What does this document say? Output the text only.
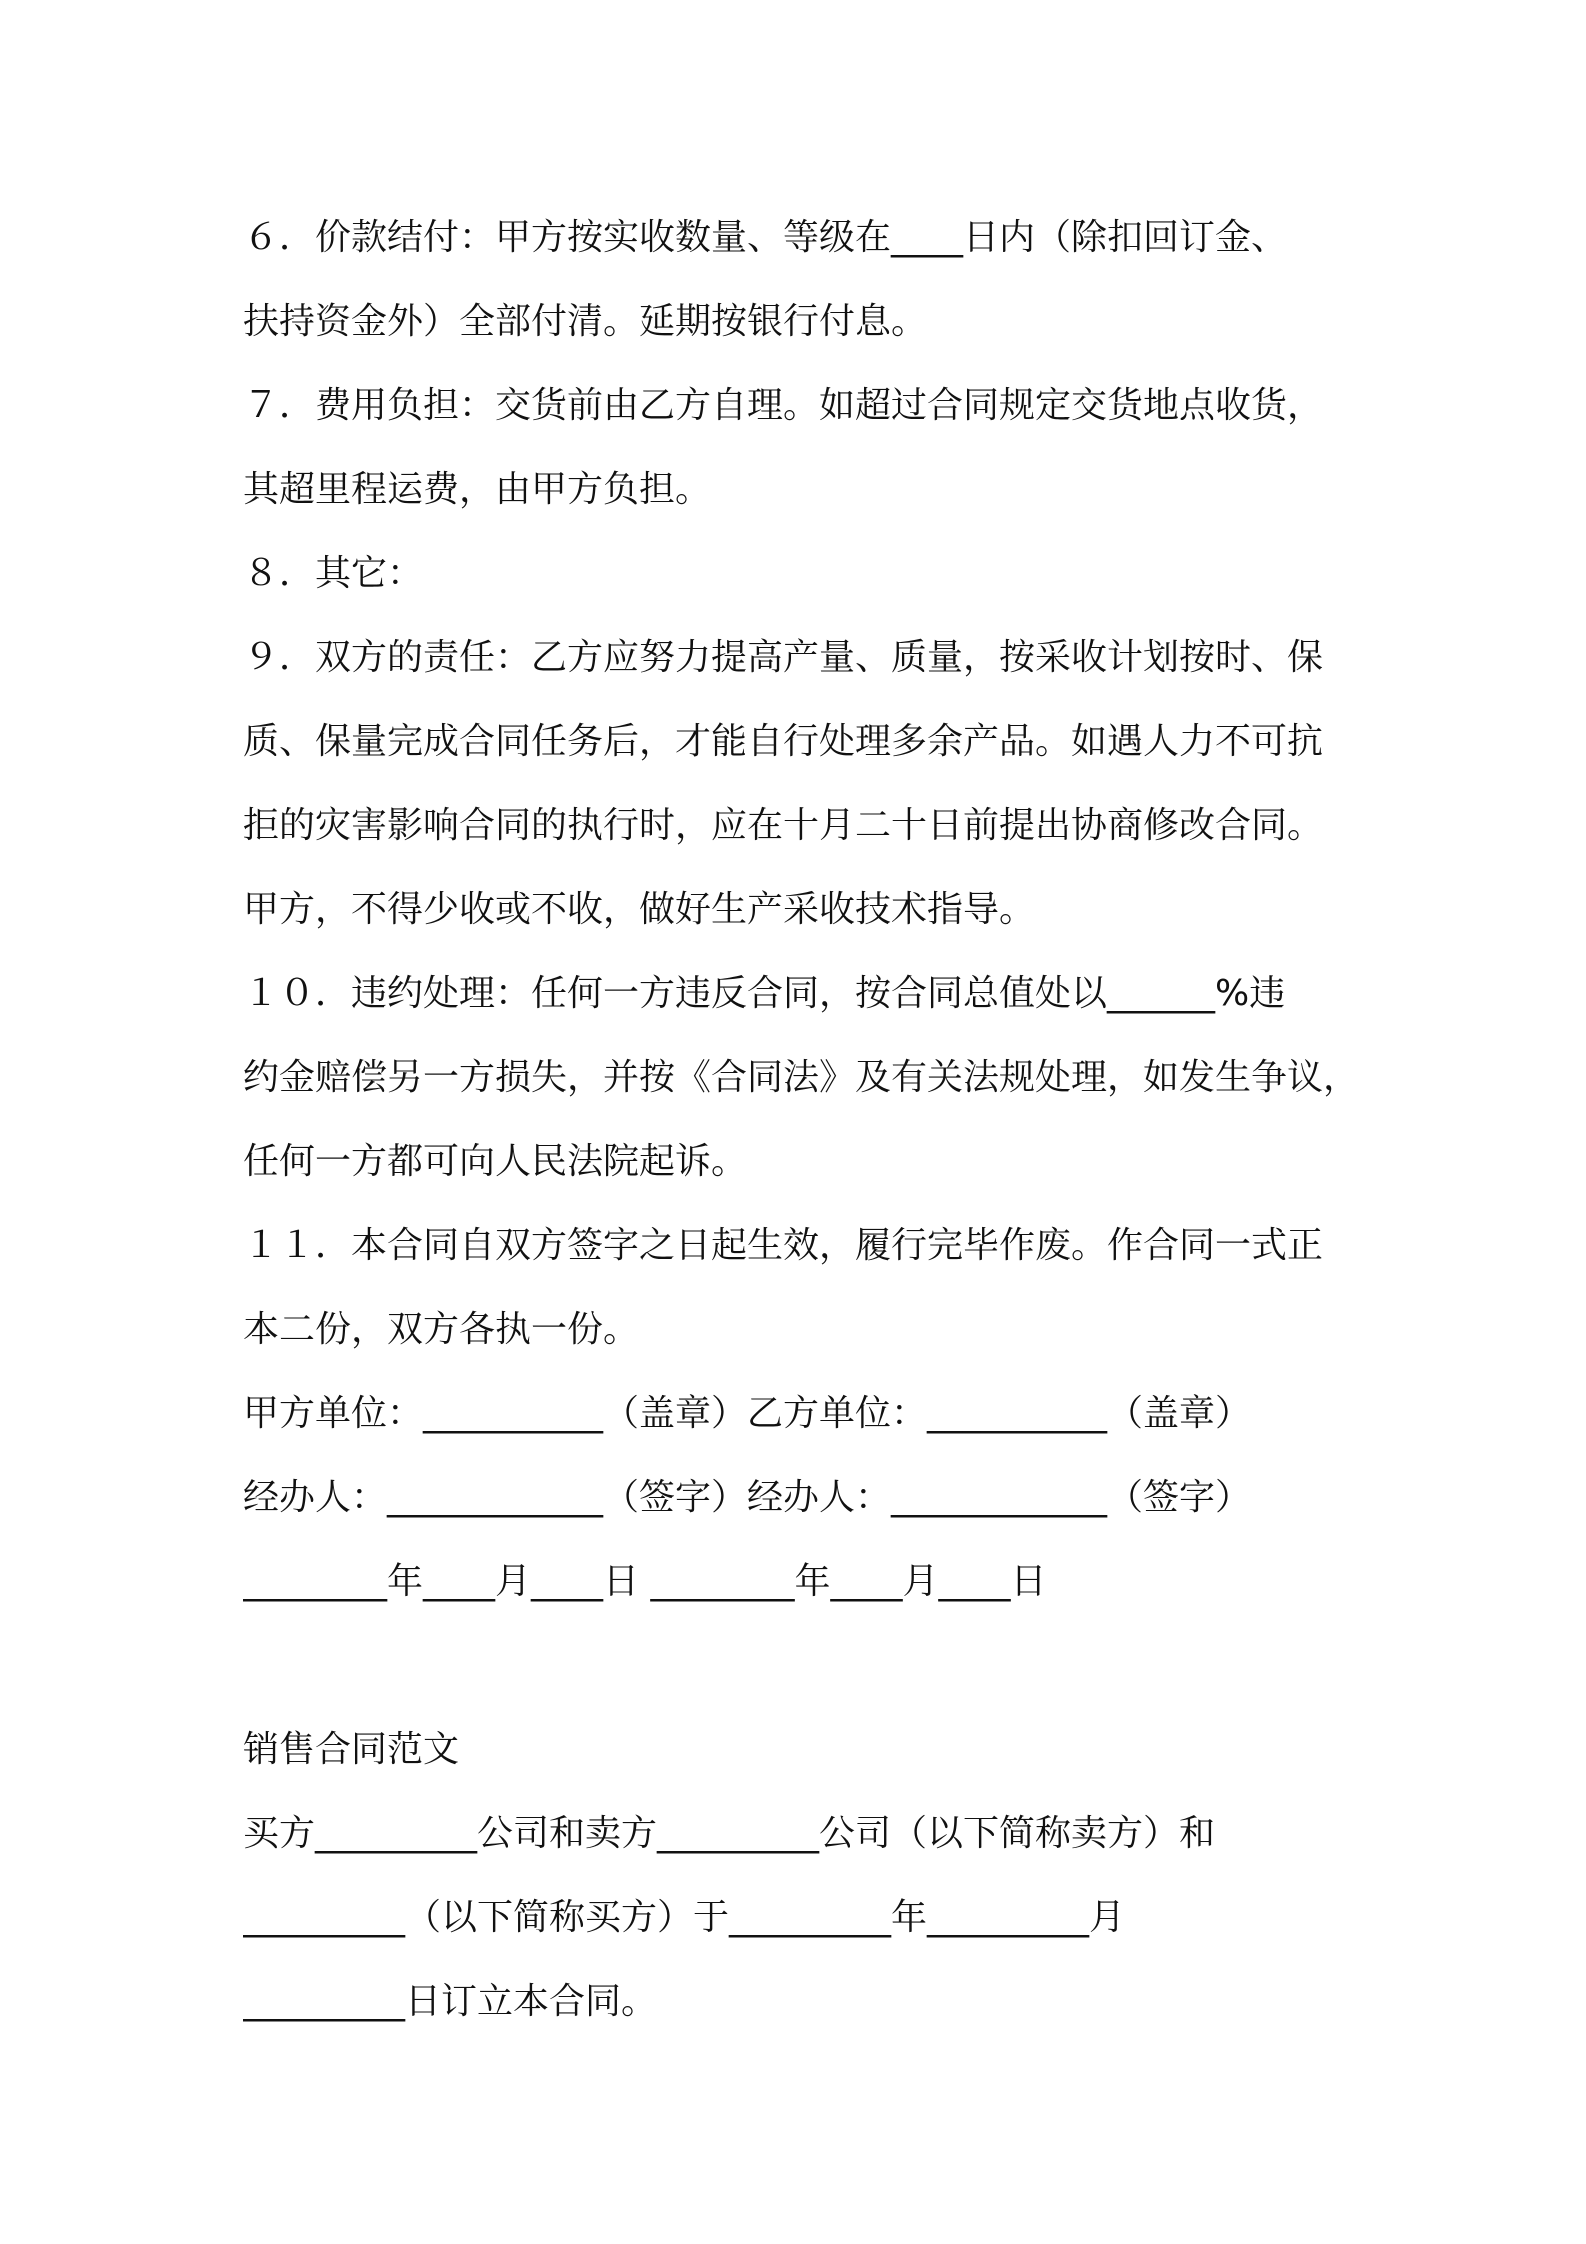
６．价款结付：甲方按实收数量、等级在____日内（除扣回订金、

扶持资金外）全部付清。延期按银行付息。

７．费用负担：交货前由乙方自理。如超过合同规定交货地点收货，

其超里程运费，由甲方负担。

８．其它：

９．双方的责任：乙方应努力提高产量、质量，按采收计划按时、保

质、保量完成合同任务后，才能自行处理多余产品。如遇人力不可抗

拒的灾害影响合同的执行时，应在十月二十日前提出协商修改合同。

甲方，不得少收或不收，做好生产采收技术指导。

１０．违约处理：任何一方违反合同，按合同总值处以______%违

约金赔偿另一方损失，并按《合同法》及有关法规处理，如发生争议，

任何一方都可向人民法院起诉。

１１．本合同自双方签字之日起生效，履行完毕作废。作合同一式正

本二份，双方各执一份。

甲方单位：__________（盖章）乙方单位：__________（盖章）

经办人：____________（签字）经办人：____________（签字）

________年____月____日 ________年____月____日

销售合同范文

买方_________公司和卖方_________公司（以下简称卖方）和

_________（以下简称买方）于_________年_________月

_________日订立本合同。
